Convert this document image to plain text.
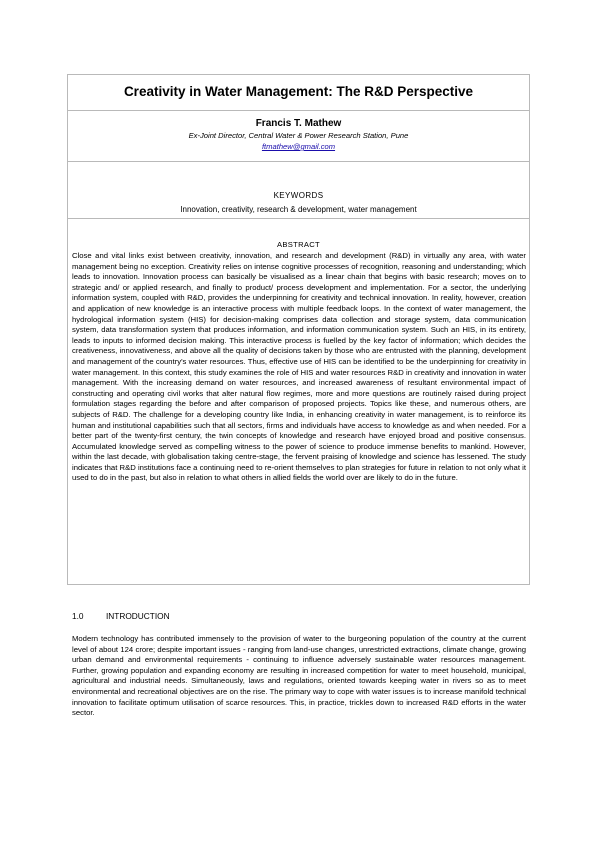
Creativity in Water Management: The R&D Perspective
Francis T. Mathew
Ex-Joint Director, Central Water & Power Research Station, Pune
ftmathew@gmail.com
KEYWORDS
Innovation, creativity, research & development, water management
ABSTRACT
Close and vital links exist between creativity, innovation, and research and development (R&D) in virtually any area, with water management being no exception. Creativity relies on intense cognitive processes of recognition, reasoning and understanding; which leads to innovation. Innovation process can basically be visualised as a linear chain that begins with basic research; moves on to strategic and/ or applied research, and finally to product/ process development and implementation. For a sector, the underlying information system, coupled with R&D, provides the underpinning for creativity and technical innovation. In reality, however, creation and application of new knowledge is an interactive process with multiple feedback loops. In the context of water management, the hydrological information system (HIS) for decision-making comprises data collection and storage system, data communication system, data transformation system that produces information, and information communication system. Such an HIS, in its entirety, leads to inputs to informed decision making. This interactive process is fuelled by the key factor of information; which decides the creativeness, innovativeness, and above all the quality of decisions taken by those who are entrusted with the planning, development and management of the country's water resources. Thus, effective use of HIS can be identified to be the underpinning for creativity in water management. In this context, this study examines the role of HIS and water resources R&D in creativity and innovation in water management. With the increasing demand on water resources, and increased awareness of resultant environmental impact of constructing and operating civil works that alter natural flow regimes, more and more questions are routinely raised during project formulation stages regarding the before and after comparison of proposed projects. Topics like these, and numerous others, are subjects of R&D. The challenge for a developing country like India, in enhancing creativity in water management, is to reinforce its human and institutional capabilities such that all sectors, firms and individuals have access to knowledge as and when needed. For a better part of the twenty-first century, the twin concepts of knowledge and research have enjoyed broad and positive consensus. Accumulated knowledge served as compelling witness to the power of science to produce immense benefits to mankind. However, within the last decade, with globalisation taking centre-stage, the fervent praising of knowledge and science has lessened. The study indicates that R&D institutions face a continuing need to re-orient themselves to plan strategies for future in relation to not only what it used to do in the past, but also in relation to what others in allied fields the world over are likely to do in the future.
1.0	INTRODUCTION
Modern technology has contributed immensely to the provision of water to the burgeoning population of the country at the current level of about 124 crore; despite important issues - ranging from land-use changes, unrestricted extractions, climate change, growing urban demand and environmental requirements - continuing to influence adversely sustainable water resources management. Further, growing population and expanding economy are resulting in increased competition for water to meet household, municipal, agricultural and industrial needs. Simultaneously, laws and regulations, oriented towards keeping water in rivers so as to meet environmental and recreational objectives are on the rise. The primary way to cope with water issues is to increase manifold technical innovation to facilitate optimum utilisation of scarce resources. This, in practice, trickles down to increased R&D efforts in the water sector.
